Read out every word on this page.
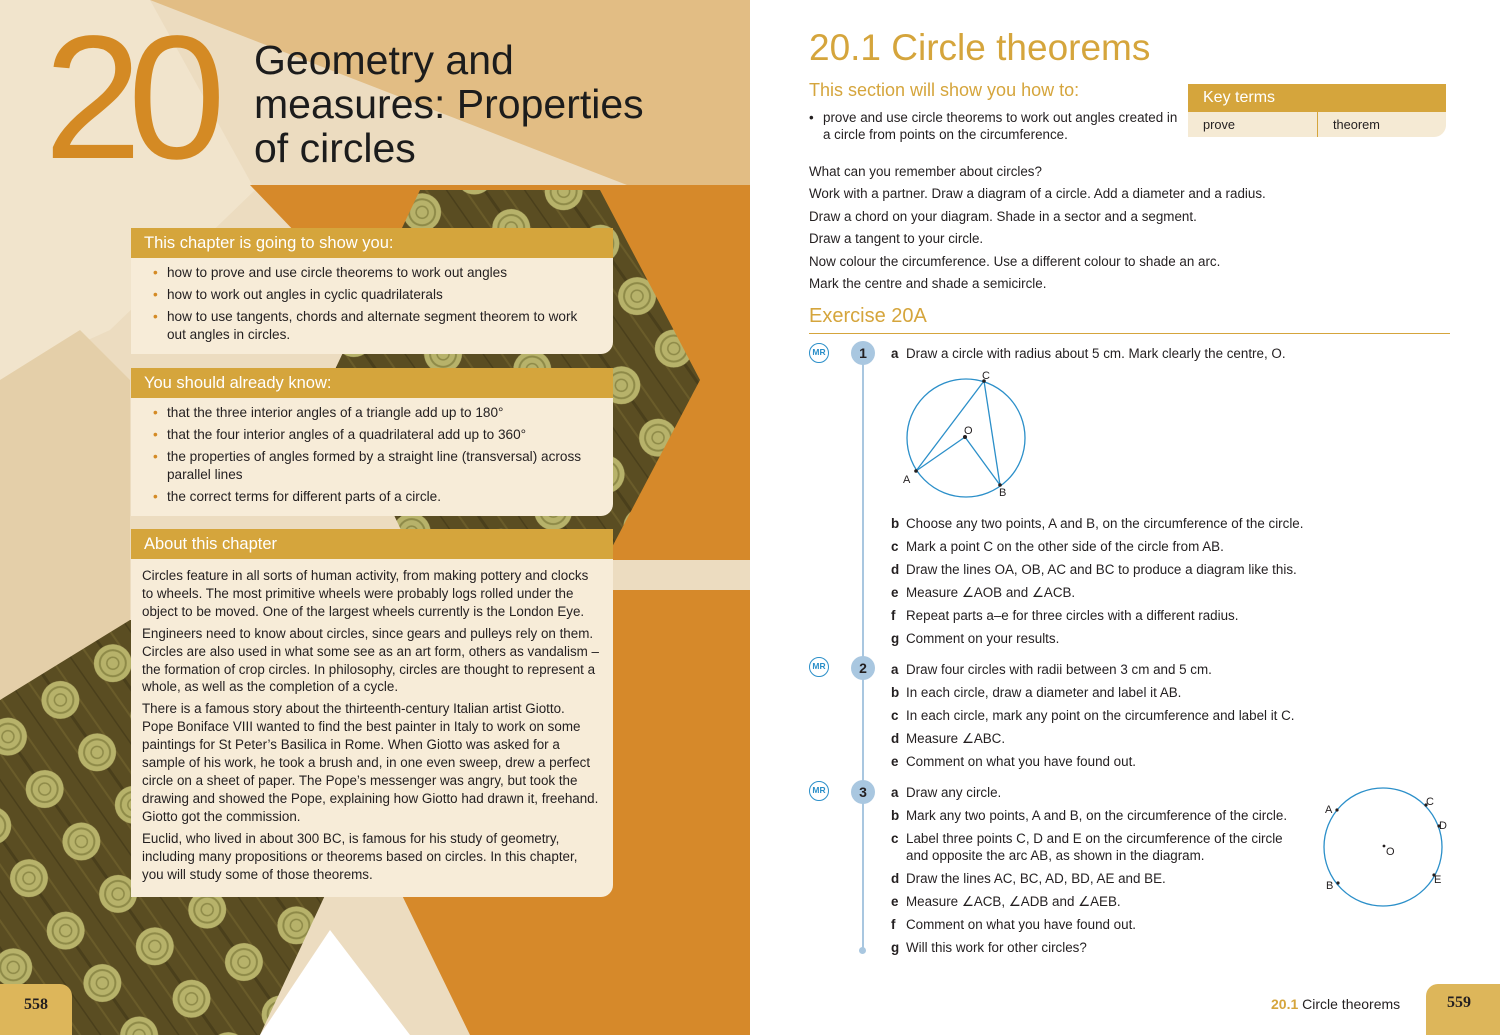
20 Geometry and
measures: Properties
of circles
This chapter is going to show you:
• how to prove and use circle theorems to work out angles
• how to work out angles in cyclic quadrilaterals
• how to use tangents, chords and alternate segment theorem to work out angles in circles.
You should already know:
• that the three interior angles of a triangle add up to 180°
• that the four interior angles of a quadrilateral add up to 360°
• the properties of angles formed by a straight line (transversal) across parallel lines
• the correct terms for different parts of a circle.
About this chapter

Circles feature in all sorts of human activity, from making pottery and clocks to wheels. The most primitive wheels were probably logs rolled under the object to be moved. One of the largest wheels currently is the London Eye.

Engineers need to know about circles, since gears and pulleys rely on them. Circles are also used in what some see as an art form, others as vandalism – the formation of crop circles. In philosophy, circles are thought to represent a whole, as well as the completion of a cycle.

There is a famous story about the thirteenth-century Italian artist Giotto. Pope Boniface VIII wanted to find the best painter in Italy to work on some paintings for St Peter’s Basilica in Rome. When Giotto was asked for a sample of his work, he took a brush and, in one even sweep, drew a perfect circle on a sheet of paper. The Pope’s messenger was angry, but took the drawing and showed the Pope, explaining how Giotto had drawn it, freehand. Giotto got the commission.

Euclid, who lived in about 300 BC, is famous for his study of geometry, including many propositions or theorems based on circles. In this chapter, you will study some of those theorems.

558
20.1 Circle theorems
This section will show you how to:
• prove and use circle theorems to work out angles created in a circle from points on the circumference.
Key terms
prove	theorem
What can you remember about circles?
Work with a partner. Draw a diagram of a circle. Add a diameter and a radius.
Draw a chord on your diagram. Shade in a sector and a segment.
Draw a tangent to your circle.
Now colour the circumference. Use a different colour to shade an arc.
Mark the centre and shade a semicircle.
Exercise 20A
MR	1	a Draw a circle with radius about 5 cm. Mark clearly the centre, O.
C
O
A
B
b Choose any two points, A and B, on the circumference of the circle.
c Mark a point C on the other side of the circle from AB.
d Draw the lines OA, OB, AC and BC to produce a diagram like this.
e Measure ∠AOB and ∠ACB.
f Repeat parts a–e for three circles with a different radius.
g Comment on your results.
MR	2	a Draw four circles with radii between 3 cm and 5 cm.
b In each circle, draw a diameter and label it AB.
c In each circle, mark any point on the circumference and label it C.
d Measure ∠ABC.
e Comment on what you have found out.
MR	3	a Draw any circle.
b Mark any two points, A and B, on the circumference of the circle.
c Label three points C, D and E on the circumference of the circle
and opposite the arc AB, as shown in the diagram.
d Draw the lines AC, BC, AD, BD, AE and BE.
e Measure ∠ACB, ∠ADB and ∠AEB.
f Comment on what you have found out.
g Will this work for other circles?
A
C
D
O
B	E
20.1 Circle theorems	559
